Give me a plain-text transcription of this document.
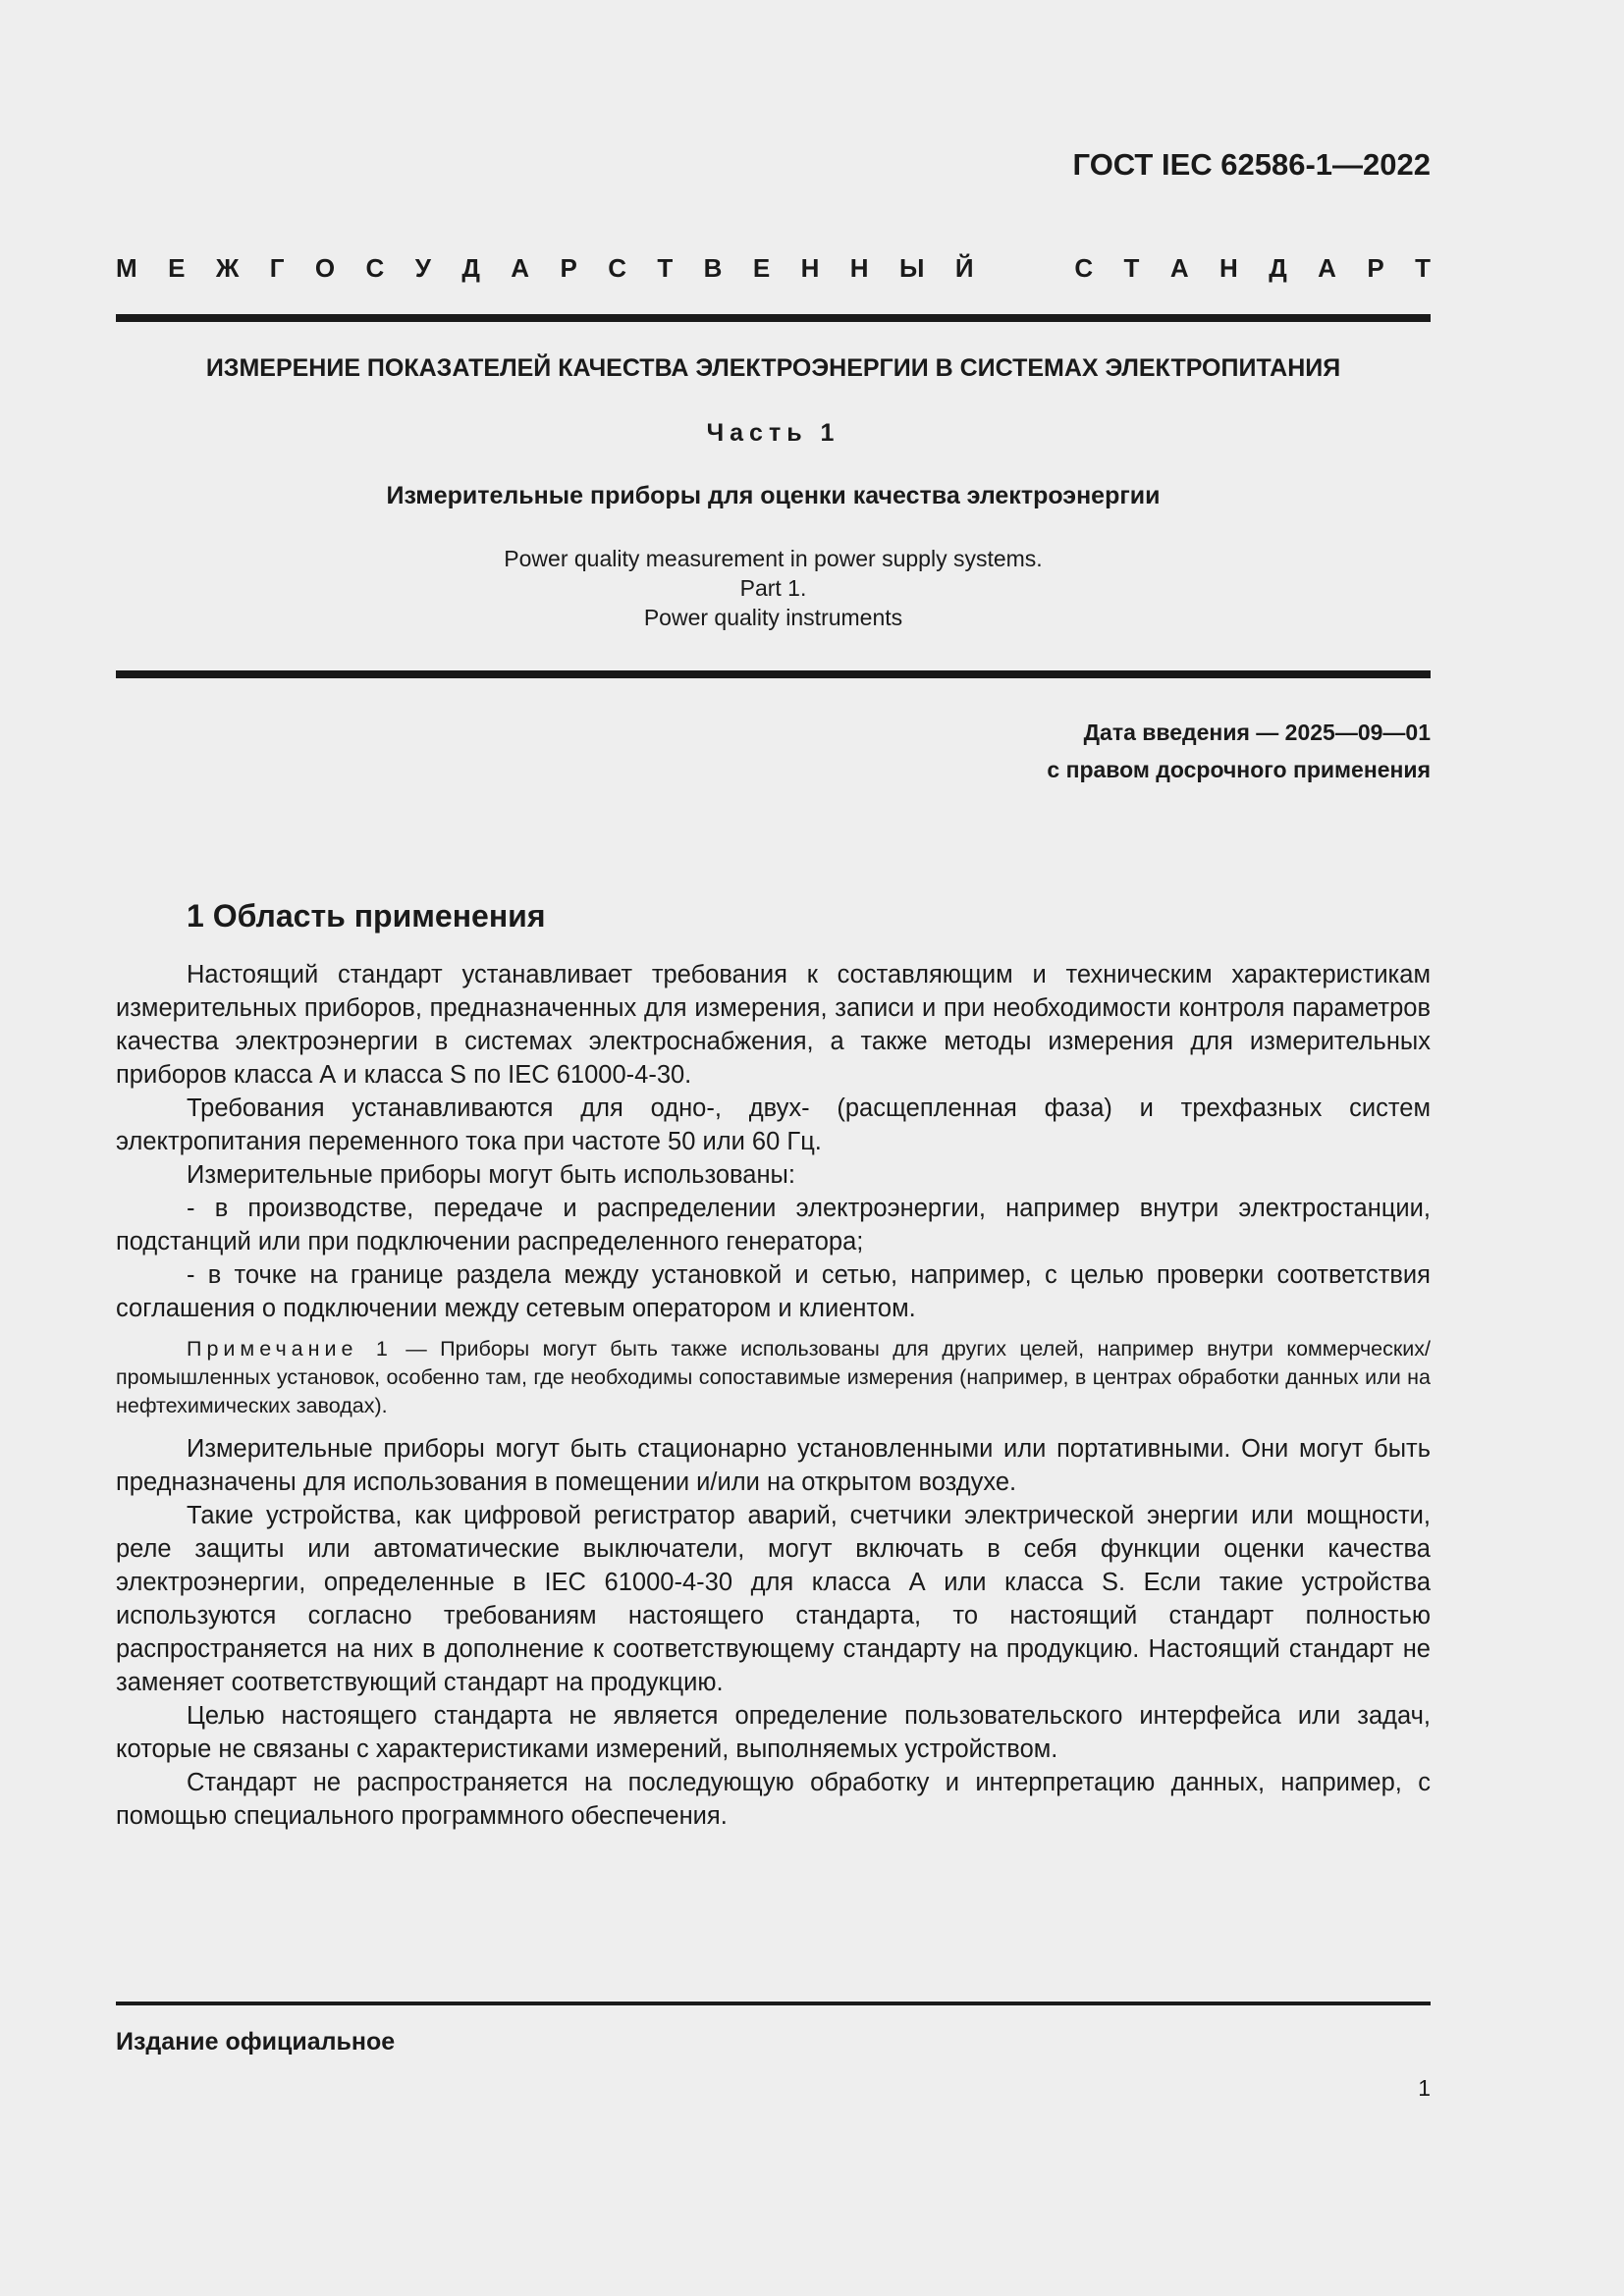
ГОСТ IEC 62586-1—2022
М Е Ж Г О С У Д А Р С Т В Е Н Н Ы Й	С Т А Н Д А Р Т
ИЗМЕРЕНИЕ ПОКАЗАТЕЛЕЙ КАЧЕСТВА ЭЛЕКТРОЭНЕРГИИ В СИСТЕМАХ ЭЛЕКТРОПИТАНИЯ
Часть 1
Измерительные приборы для оценки качества электроэнергии
Power quality measurement in power supply systems.
Part 1.
Power quality instruments
Дата введения — 2025—09—01
с правом досрочного применения
1 Область применения

Настоящий стандарт устанавливает требования к составляющим и техническим характеристикам измерительных приборов, предназначенных для измерения, записи и при необходимости контроля параметров качества электроэнергии в системах электроснабжения, а также методы измерения для измерительных приборов класса А и класса S по IEC 61000-4-30.

Требования устанавливаются для одно-, двух- (расщепленная фаза) и трехфазных систем электропитания переменного тока при частоте 50 или 60 Гц.

Измерительные приборы могут быть использованы:

- в производстве, передаче и распределении электроэнергии, например внутри электростанции, подстанций или при подключении распределенного генератора;

- в точке на границе раздела между установкой и сетью, например, с целью проверки соответствия соглашения о подключении между сетевым оператором и клиентом.

Примечание 1 — Приборы могут быть также использованы для других целей, например внутри коммерческих/промышленных установок, особенно там, где необходимы сопоставимые измерения (например, в центрах обработки данных или на нефтехимических заводах).

Измерительные приборы могут быть стационарно установленными или портативными. Они могут быть предназначены для использования в помещении и/или на открытом воздухе.

Такие устройства, как цифровой регистратор аварий, счетчики электрической энергии или мощности, реле защиты или автоматические выключатели, могут включать в себя функции оценки качества электроэнергии, определенные в IEC 61000-4-30 для класса А или класса S. Если такие устройства используются согласно требованиям настоящего стандарта, то настоящий стандарт полностью распространяется на них в дополнение к соответствующему стандарту на продукцию. Настоящий стандарт не заменяет соответствующий стандарт на продукцию.

Целью настоящего стандарта не является определение пользовательского интерфейса или задач, которые не связаны с характеристиками измерений, выполняемых устройством.

Стандарт не распространяется на последующую обработку и интерпретацию данных, например, с помощью специального программного обеспечения.

Издание официальное
1
